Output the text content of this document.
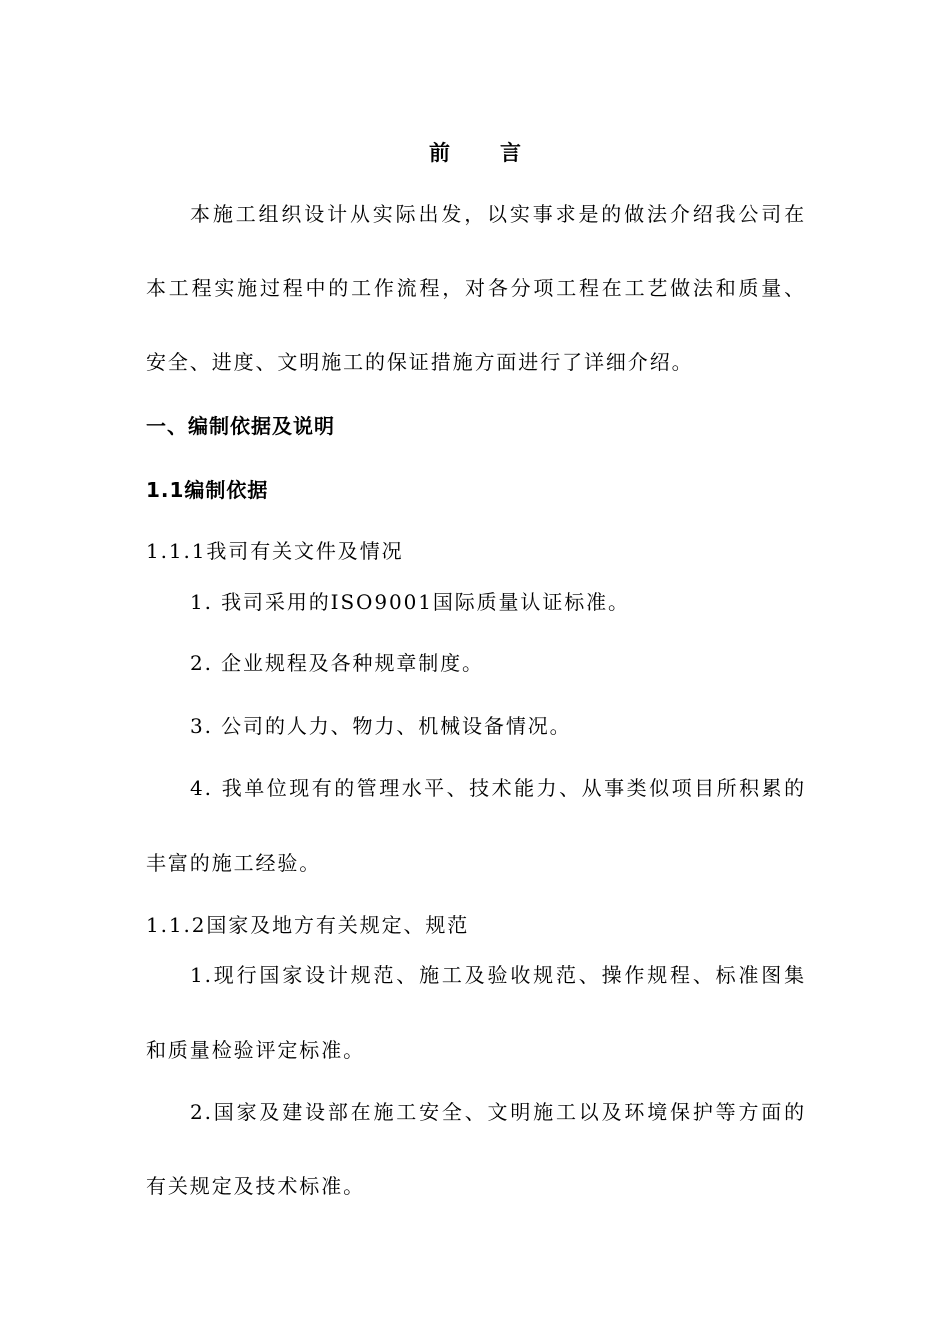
前 言
本施工组织设计从实际出发，以实事求是的做法介绍我公司在
本工程实施过程中的工作流程，对各分项工程在工艺做法和质量、
安全、进度、文明施工的保证措施方面进行了详细介绍。
一、编制依据及说明
1.1编制依据
1.1.1我司有关文件及情况
1. 我司采用的ISO9001国际质量认证标准。
2. 企业规程及各种规章制度。
3. 公司的人力、物力、机械设备情况。
4. 我单位现有的管理水平、技术能力、从事类似项目所积累的
丰富的施工经验。
1.1.2国家及地方有关规定、规范
1.现行国家设计规范、施工及验收规范、操作规程、标准图集
和质量检验评定标准。
2.国家及建设部在施工安全、文明施工以及环境保护等方面的
有关规定及技术标准。
